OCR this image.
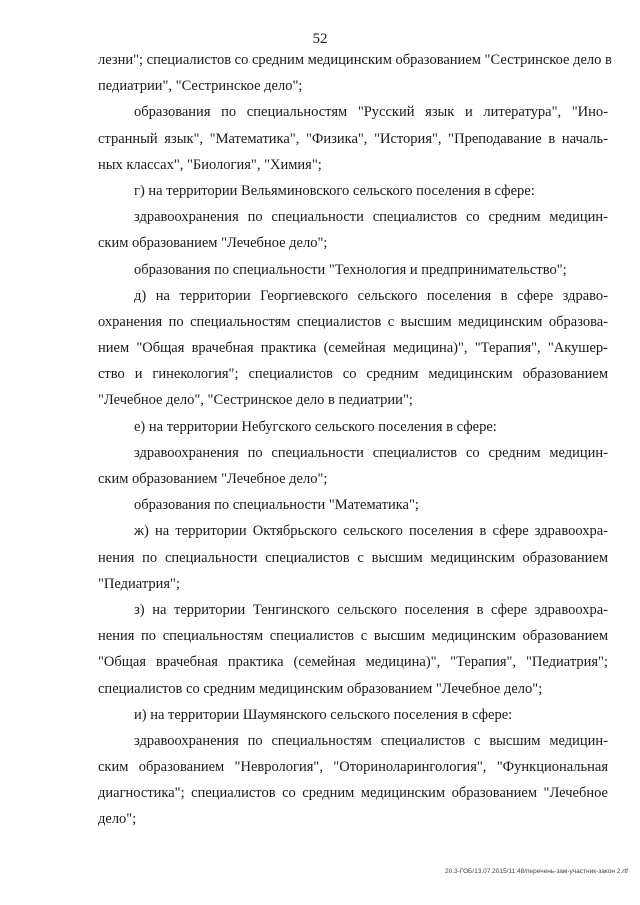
52
лезни"; специалистов со средним медицинским образованием "Сестринское дело в
педиатрии", "Сестринское дело";
образования по специальностям "Русский язык и литература", "Ино-
странный язык", "Математика", "Физика", "История", "Преподавание в началь-
ных классах", "Биология", "Химия";
г) на территории Вельяминовского сельского поселения в сфере:
здравоохранения по специальности специалистов со средним медицин-
ским образованием "Лечебное дело";
образования по специальности "Технология и предпринимательство";
д) на территории Георгиевского сельского поселения в сфере здраво-
охранения по специальностям специалистов с высшим медицинским образова-
нием "Общая врачебная практика (семейная медицина)", "Терапия", "Акушер-
ство и гинекология"; специалистов со средним медицинским образованием
"Лечебное дело", "Сестринское дело в педиатрии";
е) на территории Небугского сельского поселения в сфере:
здравоохранения по специальности специалистов со средним медицин-
ским образованием "Лечебное дело";
образования по специальности "Математика";
ж) на территории Октябрьского сельского поселения в сфере здравоохра-
нения по специальности специалистов с высшим медицинским образованием
"Педиатрия";
з) на территории Тенгинского сельского поселения в сфере здравоохра-
нения по специальностям специалистов с высшим медицинским образованием
"Общая врачебная практика (семейная медицина)", "Терапия", "Педиатрия";
специалистов со средним медицинским образованием "Лечебное дело";
и) на территории Шаумянского сельского поселения в сфере:
здравоохранения по специальностям специалистов с высшим медицин-
ским образованием "Неврология", "Оториноларингология", "Функциональная
диагностика"; специалистов со средним медицинским образованием "Лечебное
дело";
20.3-ГОБ/13.07.2015/11:48/перечень-зам-участник-закон 2.rtf
